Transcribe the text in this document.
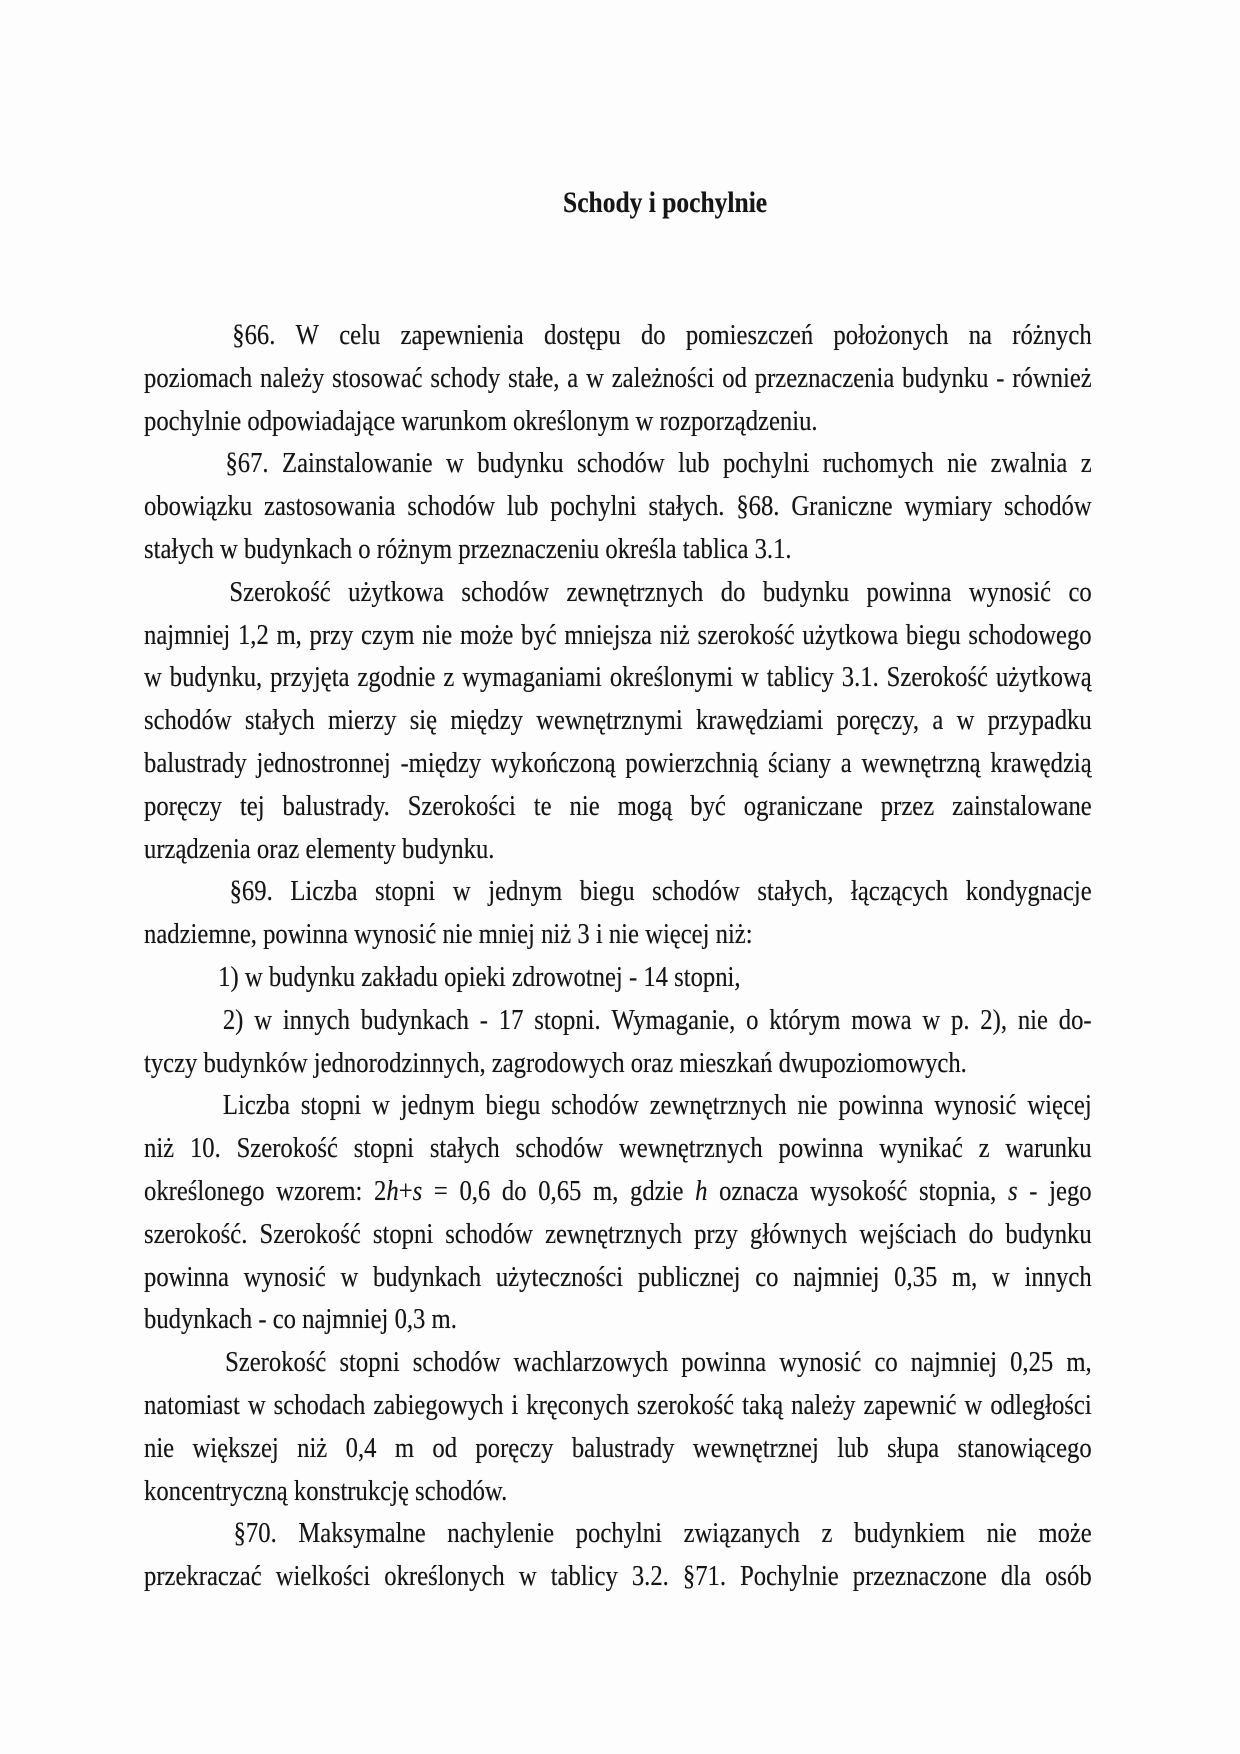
Schody i pochylnie
§66. W celu zapewnienia dostępu do pomieszczeń położonych na różnych
poziomach należy stosować schody stałe, a w zależności od przeznaczenia budynku - również
pochylnie odpowiadające warunkom określonym w rozporządzeniu.
§67. Zainstalowanie w budynku schodów lub pochylni ruchomych nie zwalnia z
obowiązku zastosowania schodów lub pochylni stałych. §68. Graniczne wymiary schodów
stałych w budynkach o różnym przeznaczeniu określa tablica 3.1.
Szerokość użytkowa schodów zewnętrznych do budynku powinna wynosić co
najmniej 1,2 m, przy czym nie może być mniejsza niż szerokość użytkowa biegu schodowego
w budynku, przyjęta zgodnie z wymaganiami określonymi w tablicy 3.1. Szerokość użytkową
schodów stałych mierzy się między wewnętrznymi krawędziami poręczy, a w przypadku
balustrady jednostronnej -między wykończoną powierzchnią ściany a wewnętrzną krawędzią
poręczy tej balustrady. Szerokości te nie mogą być ograniczane przez zainstalowane
urządzenia oraz elementy budynku.
§69. Liczba stopni w jednym biegu schodów stałych, łączących kondygnacje
nadziemne, powinna wynosić nie mniej niż 3 i nie więcej niż:
1) w budynku zakładu opieki zdrowotnej - 14 stopni,
2) w innych budynkach - 17 stopni. Wymaganie, o którym mowa w p. 2), nie do-
tyczy budynków jednorodzinnych, zagrodowych oraz mieszkań dwupoziomowych.
Liczba stopni w jednym biegu schodów zewnętrznych nie powinna wynosić więcej
niż 10. Szerokość stopni stałych schodów wewnętrznych powinna wynikać z warunku
określonego wzorem: 2h+s = 0,6 do 0,65 m, gdzie h oznacza wysokość stopnia, s - jego
szerokość. Szerokość stopni schodów zewnętrznych przy głównych wejściach do budynku
powinna wynosić w budynkach użyteczności publicznej co najmniej 0,35 m, w innych
budynkach - co najmniej 0,3 m.
Szerokość stopni schodów wachlarzowych powinna wynosić co najmniej 0,25 m,
natomiast w schodach zabiegowych i kręconych szerokość taką należy zapewnić w odległości
nie większej niż 0,4 m od poręczy balustrady wewnętrznej lub słupa stanowiącego
koncentryczną konstrukcję schodów.
§70. Maksymalne nachylenie pochylni związanych z budynkiem nie może
przekraczać wielkości określonych w tablicy 3.2. §71. Pochylnie przeznaczone dla osób
